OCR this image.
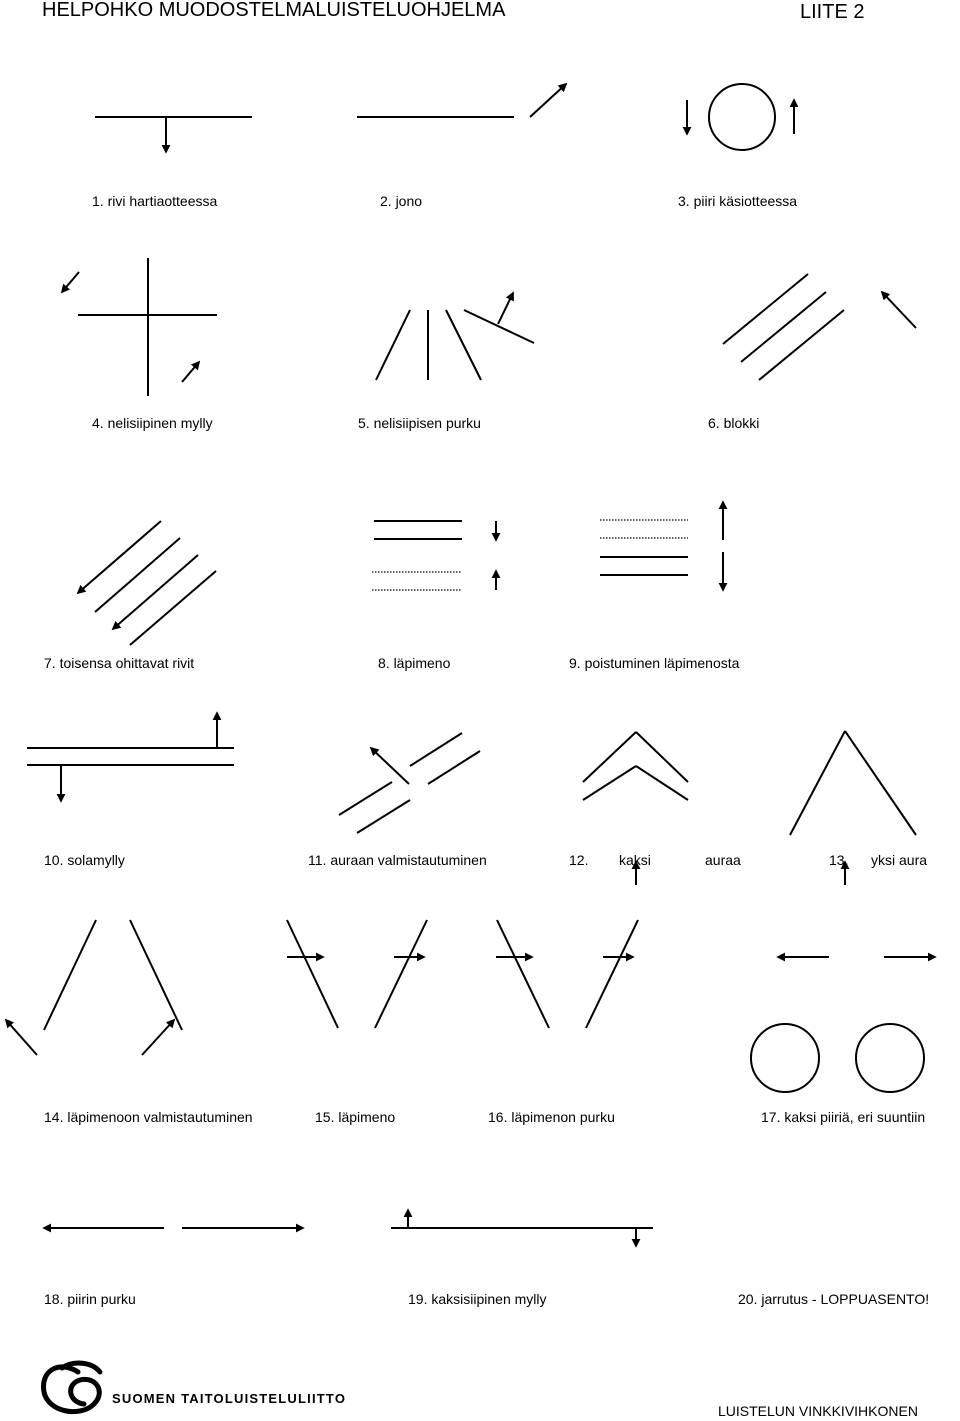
HELPOHKO MUODOSTELMALUISTELUOHJELMA	LIITE 2
1. rivi hartiaotteessa	2. jono	3. piiri käsiotteessa
4. nelisiipinen mylly	5. nelisiipisen purku	6. blokki
7. toisensa ohittavat rivit	8. läpimeno	9. poistuminen läpimenosta
10. solamylly	11. auraan valmistautuminen	12. kaksi	auraa	13. yksi aura
14. läpimenoon valmistautuminen	15. läpimeno	16. läpimenon purku	17. kaksi piiriä, eri suuntiin
18. piirin purku	19. kaksisiipinen mylly	20. jarrutus - LOPPUASENTO!
SUOMEN TAITOLUISTELULIITTO
LUISTELUN VINKKIVIHKONEN
